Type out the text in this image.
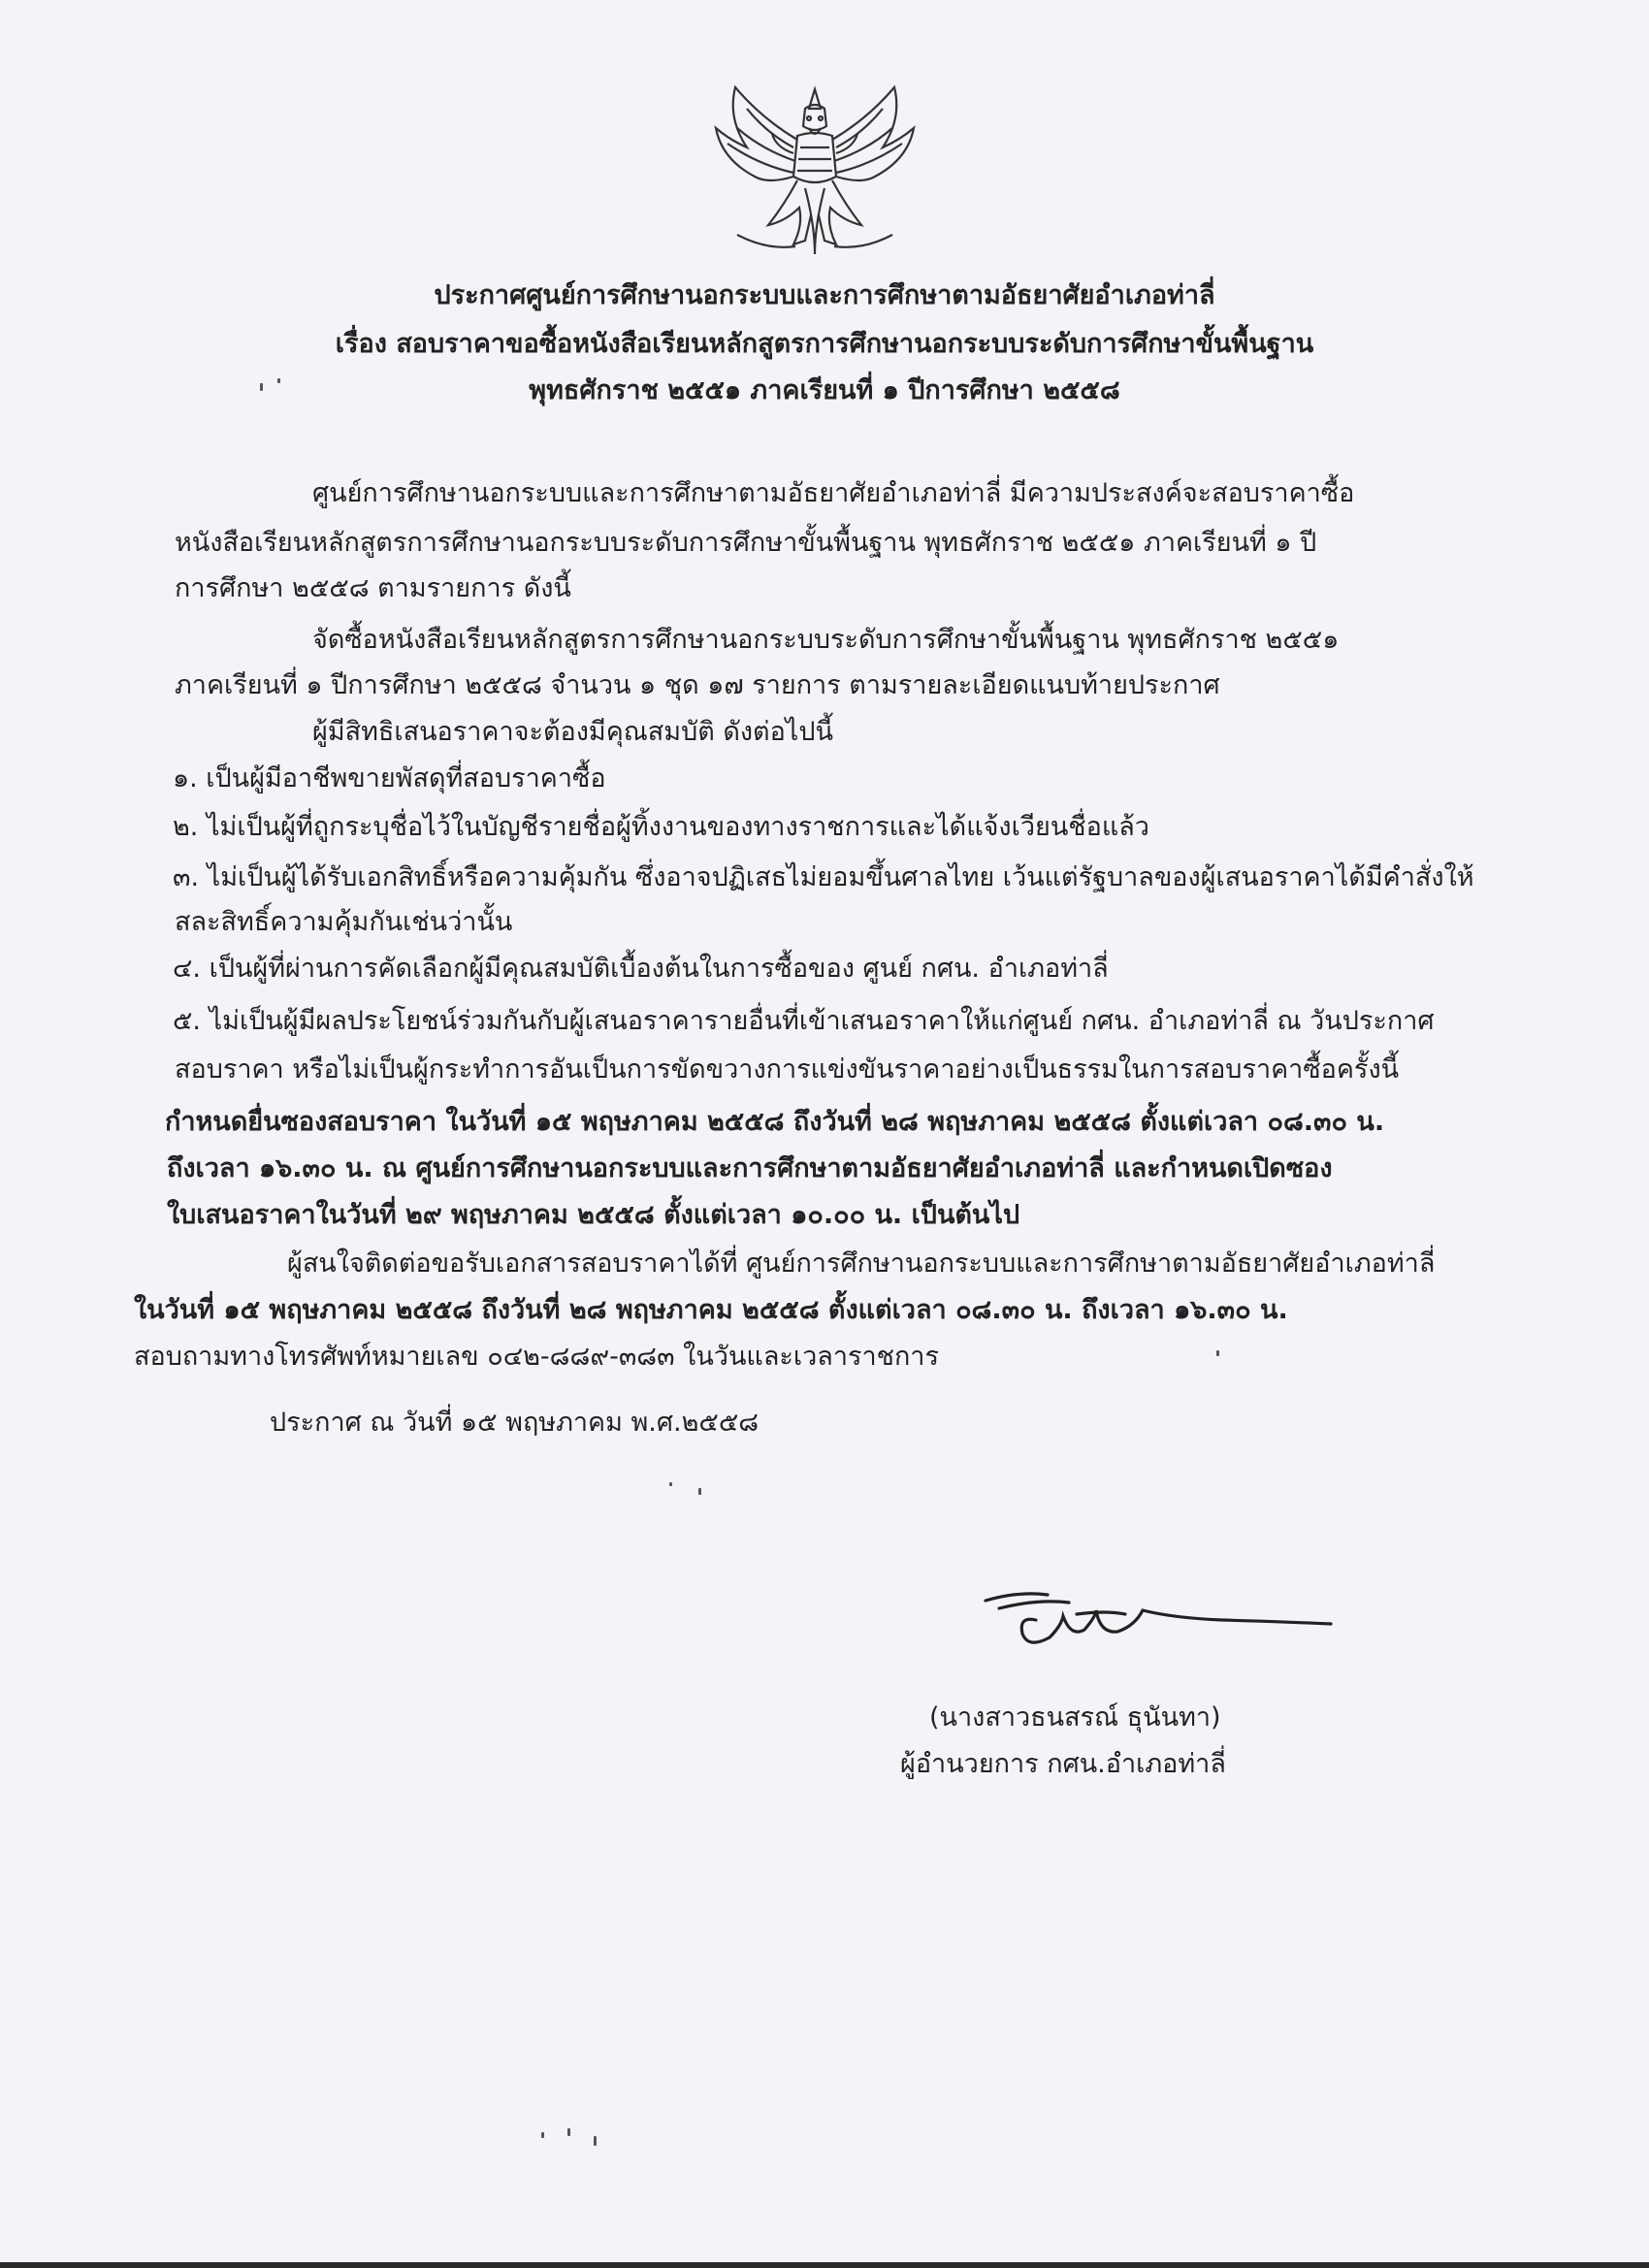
ประกาศศูนย์การศึกษานอกระบบและการศึกษาตามอัธยาศัยอำเภอท่าลี่
เรื่อง สอบราคาขอซื้อหนังสือเรียนหลักสูตรการศึกษานอกระบบระดับการศึกษาขั้นพื้นฐาน
พุทธศักราช ๒๕๕๑ ภาคเรียนที่ ๑ ปีการศึกษา ๒๕๕๘
ศูนย์การศึกษานอกระบบและการศึกษาตามอัธยาศัยอำเภอท่าลี่ มีความประสงค์จะสอบราคาซื้อ
หนังสือเรียนหลักสูตรการศึกษานอกระบบระดับการศึกษาขั้นพื้นฐาน พุทธศักราช ๒๕๕๑ ภาคเรียนที่ ๑ ปี
การศึกษา ๒๕๕๘ ตามรายการ ดังนี้
จัดซื้อหนังสือเรียนหลักสูตรการศึกษานอกระบบระดับการศึกษาขั้นพื้นฐาน พุทธศักราช ๒๕๕๑
ภาคเรียนที่ ๑ ปีการศึกษา ๒๕๕๘ จำนวน ๑ ชุด ๑๗ รายการ ตามรายละเอียดแนบท้ายประกาศ
ผู้มีสิทธิเสนอราคาจะต้องมีคุณสมบัติ ดังต่อไปนี้
๑. เป็นผู้มีอาชีพขายพัสดุที่สอบราคาซื้อ
๒. ไม่เป็นผู้ที่ถูกระบุชื่อไว้ในบัญชีรายชื่อผู้ทิ้งงานของทางราชการและได้แจ้งเวียนชื่อแล้ว
๓. ไม่เป็นผู้ได้รับเอกสิทธิ์หรือความคุ้มกัน ซึ่งอาจปฏิเสธไม่ยอมขึ้นศาลไทย เว้นแต่รัฐบาลของผู้เสนอราคาได้มีคำสั่งให้
สละสิทธิ์ความคุ้มกันเช่นว่านั้น
๔. เป็นผู้ที่ผ่านการคัดเลือกผู้มีคุณสมบัติเบื้องต้นในการซื้อของ ศูนย์ กศน. อำเภอท่าลี่
๕. ไม่เป็นผู้มีผลประโยชน์ร่วมกันกับผู้เสนอราคารายอื่นที่เข้าเสนอราคาให้แก่ศูนย์ กศน. อำเภอท่าลี่ ณ วันประกาศ
สอบราคา หรือไม่เป็นผู้กระทำการอันเป็นการขัดขวางการแข่งขันราคาอย่างเป็นธรรมในการสอบราคาซื้อครั้งนี้
กำหนดยื่นซองสอบราคา ในวันที่ ๑๕ พฤษภาคม ๒๕๕๘ ถึงวันที่ ๒๘ พฤษภาคม ๒๕๕๘ ตั้งแต่เวลา ๐๘.๓๐ น.
ถึงเวลา ๑๖.๓๐ น. ณ ศูนย์การศึกษานอกระบบและการศึกษาตามอัธยาศัยอำเภอท่าลี่ และกำหนดเปิดซอง
ใบเสนอราคาในวันที่ ๒๙ พฤษภาคม ๒๕๕๘ ตั้งแต่เวลา ๑๐.๐๐ น. เป็นต้นไป
ผู้สนใจติดต่อขอรับเอกสารสอบราคาได้ที่ ศูนย์การศึกษานอกระบบและการศึกษาตามอัธยาศัยอำเภอท่าลี่
ในวันที่ ๑๕ พฤษภาคม ๒๕๕๘ ถึงวันที่ ๒๘ พฤษภาคม ๒๕๕๘ ตั้งแต่เวลา ๐๘.๓๐ น. ถึงเวลา ๑๖.๓๐ น.
สอบถามทางโทรศัพท์หมายเลข ๐๔๒-๘๘๙-๓๘๓ ในวันและเวลาราชการ
ประกาศ ณ วันที่ ๑๕ พฤษภาคม พ.ศ.๒๕๕๘
(นางสาวธนสรณ์ ธุนันทา)
ผู้อำนวยการ กศน.อำเภอท่าลี่
